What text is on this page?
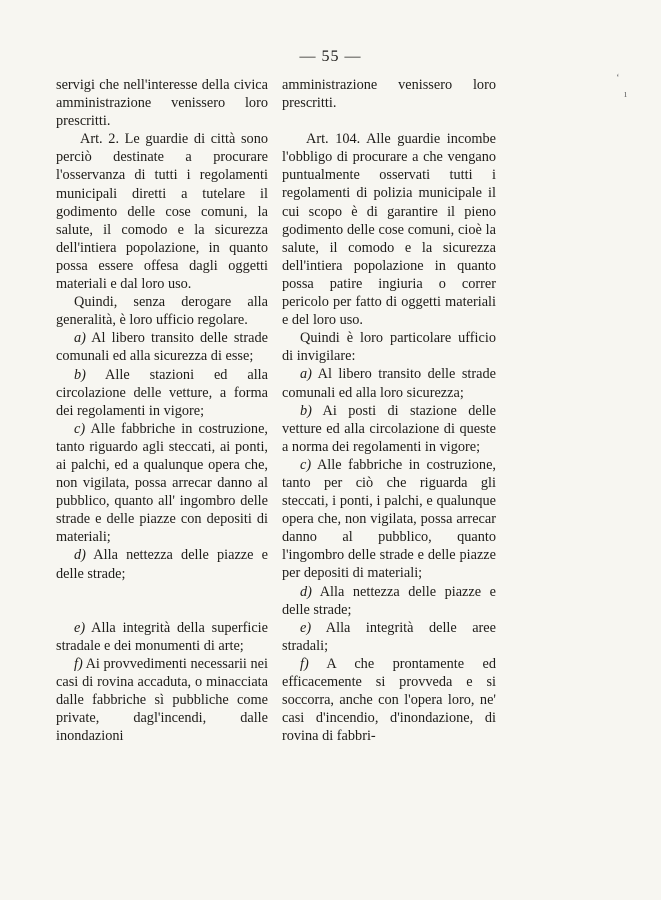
— 55 —

servigi che nell'interesse della civica amministrazione venissero loro prescritti.

Art. 2. Le guardie di città sono perciò destinate a procurare l'osservanza di tutti i regolamenti municipali diretti a tutelare il godimento delle cose comuni, la salute, il comodo e la sicurezza dell'intiera popolazione, in quanto possa essere offesa dagli oggetti materiali e dal loro uso.

Quindi, senza derogare alla generalità, è loro ufficio regolare.

a) Al libero transito delle strade comunali ed alla sicurezza di esse;

b) Alle stazioni ed alla circolazione delle vetture, a forma dei regolamenti in vigore;

c) Alle fabbriche in costruzione, tanto riguardo agli steccati, ai ponti, ai palchi, ed a qualunque opera che, non vigilata, possa arrecar danno al pubblico, quanto all' ingombro delle strade e delle piazze con depositi di materiali;

d) Alla nettezza delle piazze e delle strade;

e) Alla integrità della superficie stradale e dei monumenti di arte;

f) Ai provvedimenti necessarii nei casi di rovina accaduta, o minacciata dalle fabbriche sì pubbliche come private, dagl'incendi, dalle inondazioni

amministrazione venissero loro prescritti.

Art. 104. Alle guardie incombe l'obbligo di procurare a che vengano puntualmente osservati tutti i regolamenti di polizia municipale il cui scopo è di garantire il pieno godimento delle cose comuni, cioè la salute, il comodo e la sicurezza dell'intiera popolazione in quanto possa patire ingiuria o correr pericolo per fatto di oggetti materiali e del loro uso.

Quindi è loro particolare ufficio di invigilare:

a) Al libero transito delle strade comunali ed alla loro sicurezza;

b) Ai posti di stazione delle vetture ed alla circolazione di queste a norma dei regolamenti in vigore;

c) Alle fabbriche in costruzione, tanto per ciò che riguarda gli steccati, i ponti, i palchi, e qualunque opera che, non vigilata, possa arrecar danno al pubblico, quanto l'ingombro delle strade e delle piazze per depositi di materiali;

d) Alla nettezza delle piazze e delle strade;

e) Alla integrità delle aree stradali;

f) A che prontamente ed efficacemente si provveda e si soccorra, anche con l'opera loro, ne' casi d'incendio, d'inondazione, di rovina di fabbri-

‘
ı
